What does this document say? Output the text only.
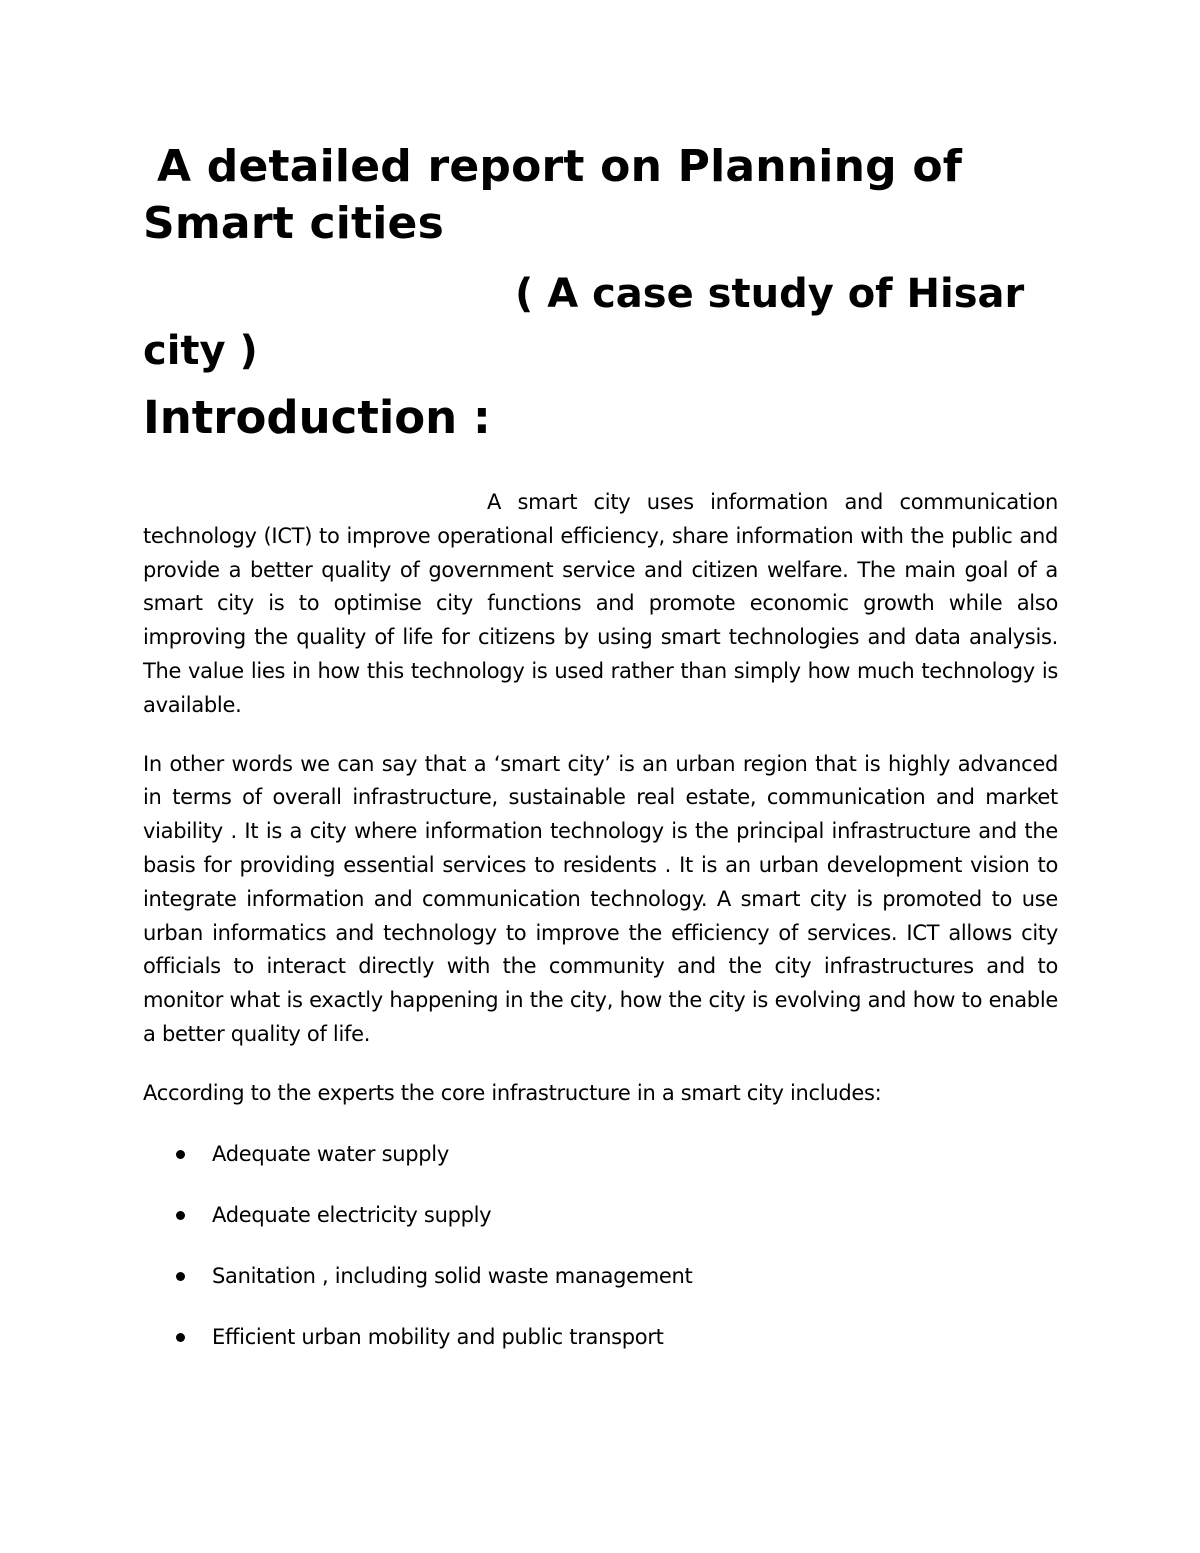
A detailed report on Planning of Smart cities
( A case study of Hisar city )
Introduction :

A smart city uses information and communication technology (ICT) to improve operational efficiency, share information with the public and provide a better quality of government service and citizen welfare. The main goal of a smart city is to optimise city functions and promote economic growth while also improving the quality of life for citizens by using smart technologies and data analysis. The value lies in how this technology is used rather than simply how much technology is available.

In other words we can say that a ‘smart city’ is an urban region that is highly advanced in terms of overall infrastructure, sustainable real estate, communication and market viability . It is a city where information technology is the principal infrastructure and the basis for providing essential services to residents . It is an urban development vision to integrate information and communication technology. A smart city is promoted to use urban informatics and technology to improve the efficiency of services. ICT allows city officials to interact directly with the community and the city infrastructures and to monitor what is exactly happening in the city, how the city is evolving and how to enable a better quality of life.

According to the experts the core infrastructure in a smart city includes:

Adequate water supply
Adequate electricity supply
Sanitation , including solid waste management
Efficient urban mobility and public transport
